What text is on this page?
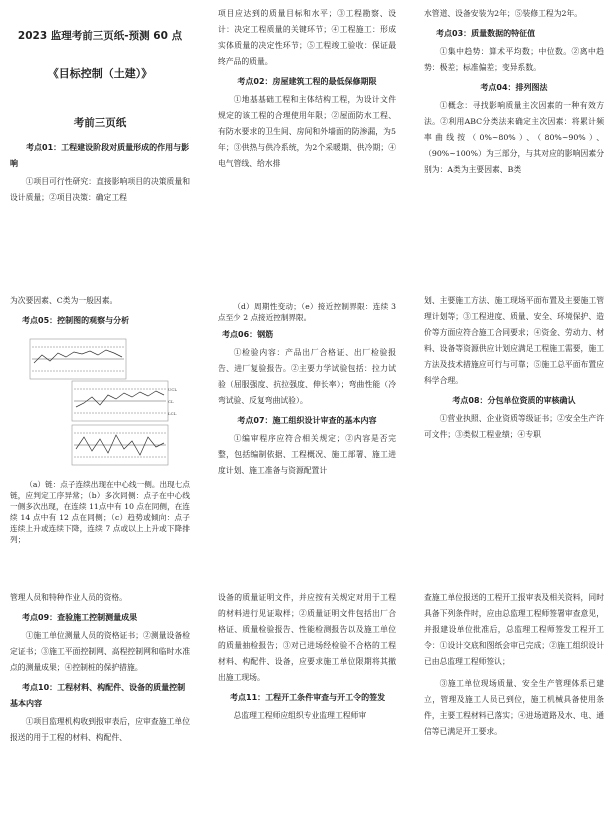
2023 监理考前三页纸-预测 60 点
《目标控制（土建）》
考前三页纸
考点01：工程建设阶段对质量形成的作用与影响

①项目可行性研究：直接影响项目的决策质量和设计质量；②项目决策：确定工程

项目应达到的质量目标和水平；③工程勘察、设计：决定工程质量的关键环节；④工程施工：形成实体质量的决定性环节；⑤工程竣工验收：保证最终产品的质量。

考点02：房屋建筑工程的最低保修期限

①地基基础工程和主体结构工程，为设计文件规定的该工程的合理使用年限；②屋面防水工程、有防水要求的卫生间、房间和外墙面的防渗漏，为5年；③供热与供冷系统，为2个采暖期、供冷期；④电气管线、给水排

水管道、设备安装为2年；⑤装修工程为2年。

考点03：质量数据的特征值

①集中趋势：算术平均数；中位数。②离中趋势：极差；标准偏差；变异系数。

考点04：排列图法

①概念：寻找影响质量主次因素的一种有效方法。②利用ABC分类法来确定主次因素：将累计频率曲线按（0%~80%）、（80%~90%）、（90%~100%）为三部分，与其对应的影响因素分别为：A类为主要因素、B类

为次要因素、C类为一般因素。

考点05：控制图的观察与分析
UCL
CL
LCL

（a）链：点子连续出现在中心线一侧。出现七点链，应判定工序异常；（b）多次同侧：点子在中心线一侧多次出现，在连续 11点中有 10 点在同侧，在连续 14 点中有 12 点在同侧；（c）趋势或倾向：点子连续上升或连续下降，连续 7 点或以上上升或下降排列；

（d）周期性变动；（e）接近控制界限：连续 3 点至少 2 点接近控制界限。

考点06：钢筋

①检验内容：产品出厂合格证、出厂检验报告、进厂复验报告。②主要力学试验包括：拉力试验（屈服强度、抗拉强度、伸长率）；弯曲性能（冷弯试验、反复弯曲试验）。

考点07：施工组织设计审查的基本内容

①编审程序应符合相关规定；②内容是否完整，包括编制依据、工程概况、施工部署、施工进度计划、施工准备与资源配置计

划、主要施工方法、施工现场平面布置及主要施工管理计划等；③工程进度、质量、安全、环境保护、造价等方面应符合施工合同要求；④资金、劳动力、材料、设备等资源供应计划应满足工程施工需要，施工方法及技术措施应可行与可靠；⑤施工总平面布置应科学合理。

考点08：分包单位资质的审核确认

①营业执照、企业资质等级证书；②安全生产许可文件；③类似工程业绩；④专职

管理人员和特种作业人员的资格。

考点09：查验施工控制测量成果

①施工单位测量人员的资格证书；②测量设备检定证书；③施工平面控制网、高程控制网和临时水准点的测量成果；④控制桩的保护措施。

考点10：工程材料、构配件、设备的质量控制基本内容

①项目监理机构收到报审表后，应审查施工单位报送的用于工程的材料、构配件、

设备的质量证明文件，并应按有关规定对用于工程的材料进行见证取样；②质量证明文件包括出厂合格证、质量检验报告、性能检测报告以及施工单位的质量抽检报告；③对已进场经检验不合格的工程材料、构配件、设备，应要求施工单位限期将其撤出施工现场。

考点11：工程开工条件审查与开工令的签发

总监理工程师应组织专业监理工程师审

查施工单位报送的工程开工报审表及相关资料，同时具备下列条件时，应由总监理工程师签署审查意见，并报建设单位批准后，总监理工程师签发工程开工令：①设计交底和图纸会审已完成；②施工组织设计已由总监理工程师签认；

③施工单位现场质量、安全生产管理体系已建立，管理及施工人员已到位，施工机械具备使用条件，主要工程材料已落实；④进场道路及水、电、通信等已满足开工要求。
